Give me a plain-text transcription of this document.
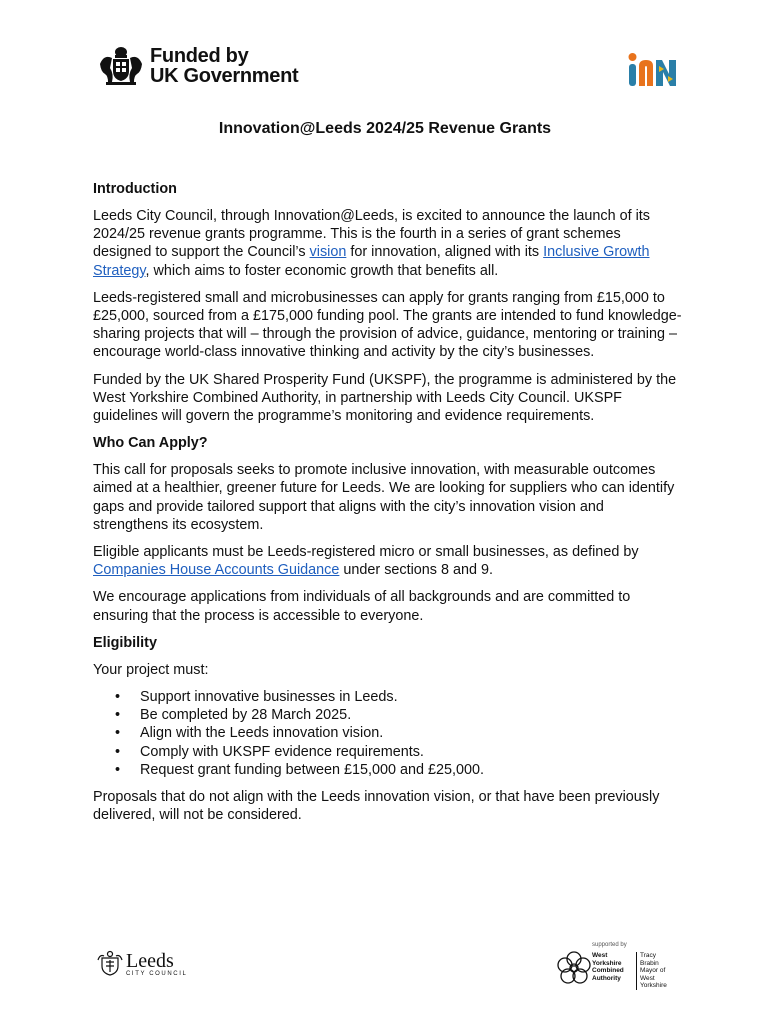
Funded by
UK Government
Innovation@Leeds 2024/25 Revenue Grants
Introduction

Leeds City Council, through Innovation@Leeds, is excited to announce the launch of its 2024/25 revenue grants programme. This is the fourth in a series of grant schemes designed to support the Council’s vision for innovation, aligned with its Inclusive Growth Strategy, which aims to foster economic growth that benefits all.

Leeds-registered small and microbusinesses can apply for grants ranging from £15,000 to £25,000, sourced from a £175,000 funding pool. The grants are intended to fund knowledge-sharing projects that will – through the provision of advice, guidance, mentoring or training – encourage world-class innovative thinking and activity by the city’s businesses.

Funded by the UK Shared Prosperity Fund (UKSPF), the programme is administered by the West Yorkshire Combined Authority, in partnership with Leeds City Council. UKSPF guidelines will govern the programme’s monitoring and evidence requirements.

Who Can Apply?

This call for proposals seeks to promote inclusive innovation, with measurable outcomes aimed at a healthier, greener future for Leeds. We are looking for suppliers who can identify gaps and provide tailored support that aligns with the city’s innovation vision and strengthens its ecosystem.

Eligible applicants must be Leeds-registered micro or small businesses, as defined by Companies House Accounts Guidance under sections 8 and 9.

We encourage applications from individuals of all backgrounds and are committed to ensuring that the process is accessible to everyone.

Eligibility

Your project must:

• Support innovative businesses in Leeds.
• Be completed by 28 March 2025.
• Align with the Leeds innovation vision.
• Comply with UKSPF evidence requirements.
• Request grant funding between £15,000 and £25,000.

Proposals that do not align with the Leeds innovation vision, or that have been previously delivered, will not be considered.

Leeds
CITY COUNCIL
supported by
West
Yorkshire
Combined
Authority
Tracy
Brabin
Mayor of
West Yorkshire
